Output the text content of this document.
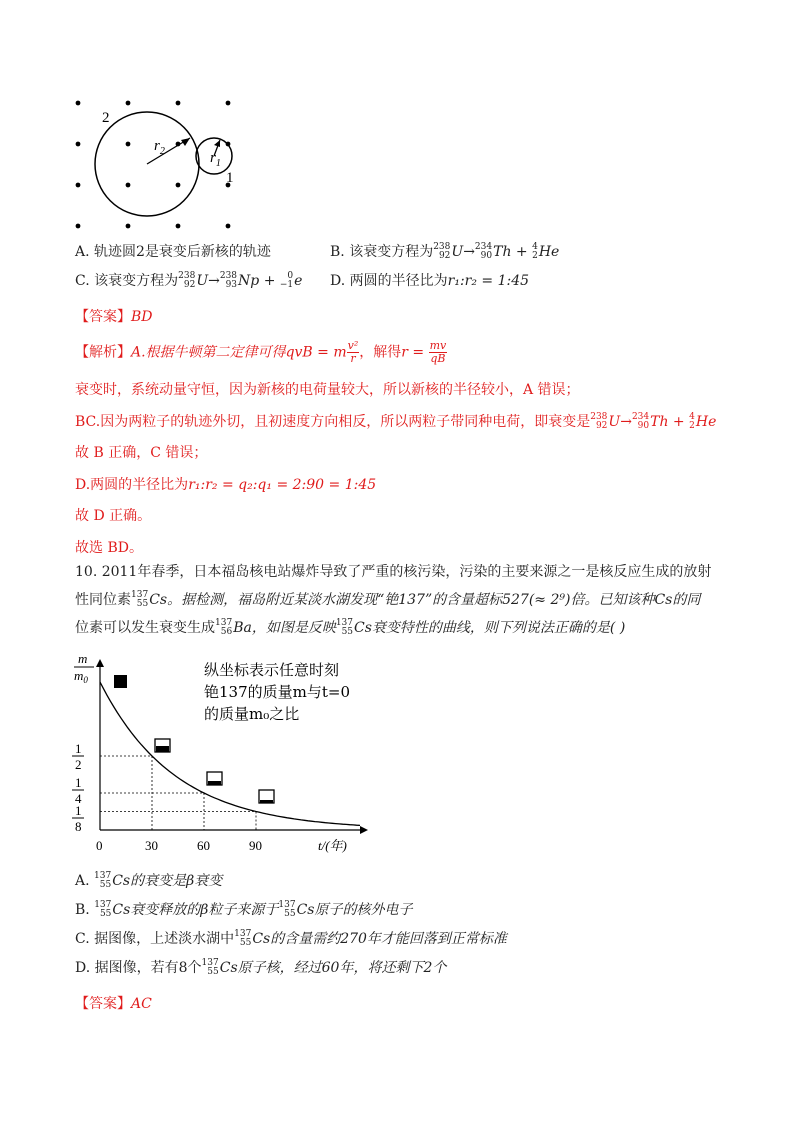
2
1
$r_2$	$r_1$
A. 轨迹圆2是衰变后新核的轨迹	B. 该衰变方程为 238
92 U→ 234
90 Th + 4
2 He
C. 该衰变方程为 238
92 U→ 238
93 Np + 0
−1 e D. 两圆的半径比为r₁:r₂ = 1:45
【答案】BD
【解析】A.根据牛顿第二定律可得qvB = m $\frac{\text{v²}}{r}$ ，解得$r = \frac{mv}{qB}$
衰变时，系统动量守恒，因为新核的电荷量较大，所以新核的半径较小，A 错误；
BC.因为两粒子的轨迹外切，且初速度方向相反，所以两粒子带同种电荷，即衰变是 238
92 U→ 234
90 Th + 4
2 He
故 B 正确，C 错误；
D.两圆的半径比为r₁:r₂ = q₂:q₁ = 2:90 = 1:45
故 D 正确。
故选 BD。
10. 2011年春季，日本福岛核电站爆炸导致了严重的核污染，污染的主要来源之一是核反应生成的放射
性同位素 137
55 Cs。据检测，福岛附近某淡水湖发现“铯137”的含量超标527(≈ 2⁹)倍。已知该种Cs的同
位素可以发生衰变生成 137
56 Ba，如图是反映 137
55 Cs衰变特性的曲线，则下列说法正确的是( )
m
$m_0$
1
2
1
4
1
8
0	30	60	90
纵坐标表示任意时刻
铯137的质量m与t=0
的质量m₀之比
t/(年)
A. 137
55 Cs的衰变是β衰变
B. 137
55 Cs衰变释放的β粒子来源于 137
55 Cs原子的核外电子
C. 据图像，上述淡水湖中 137
55 Cs的含量需约270年才能回落到正常标准
D. 据图像，若有8个 137
55 Cs原子核，经过60年，将还剩下2个
【答案】AC
